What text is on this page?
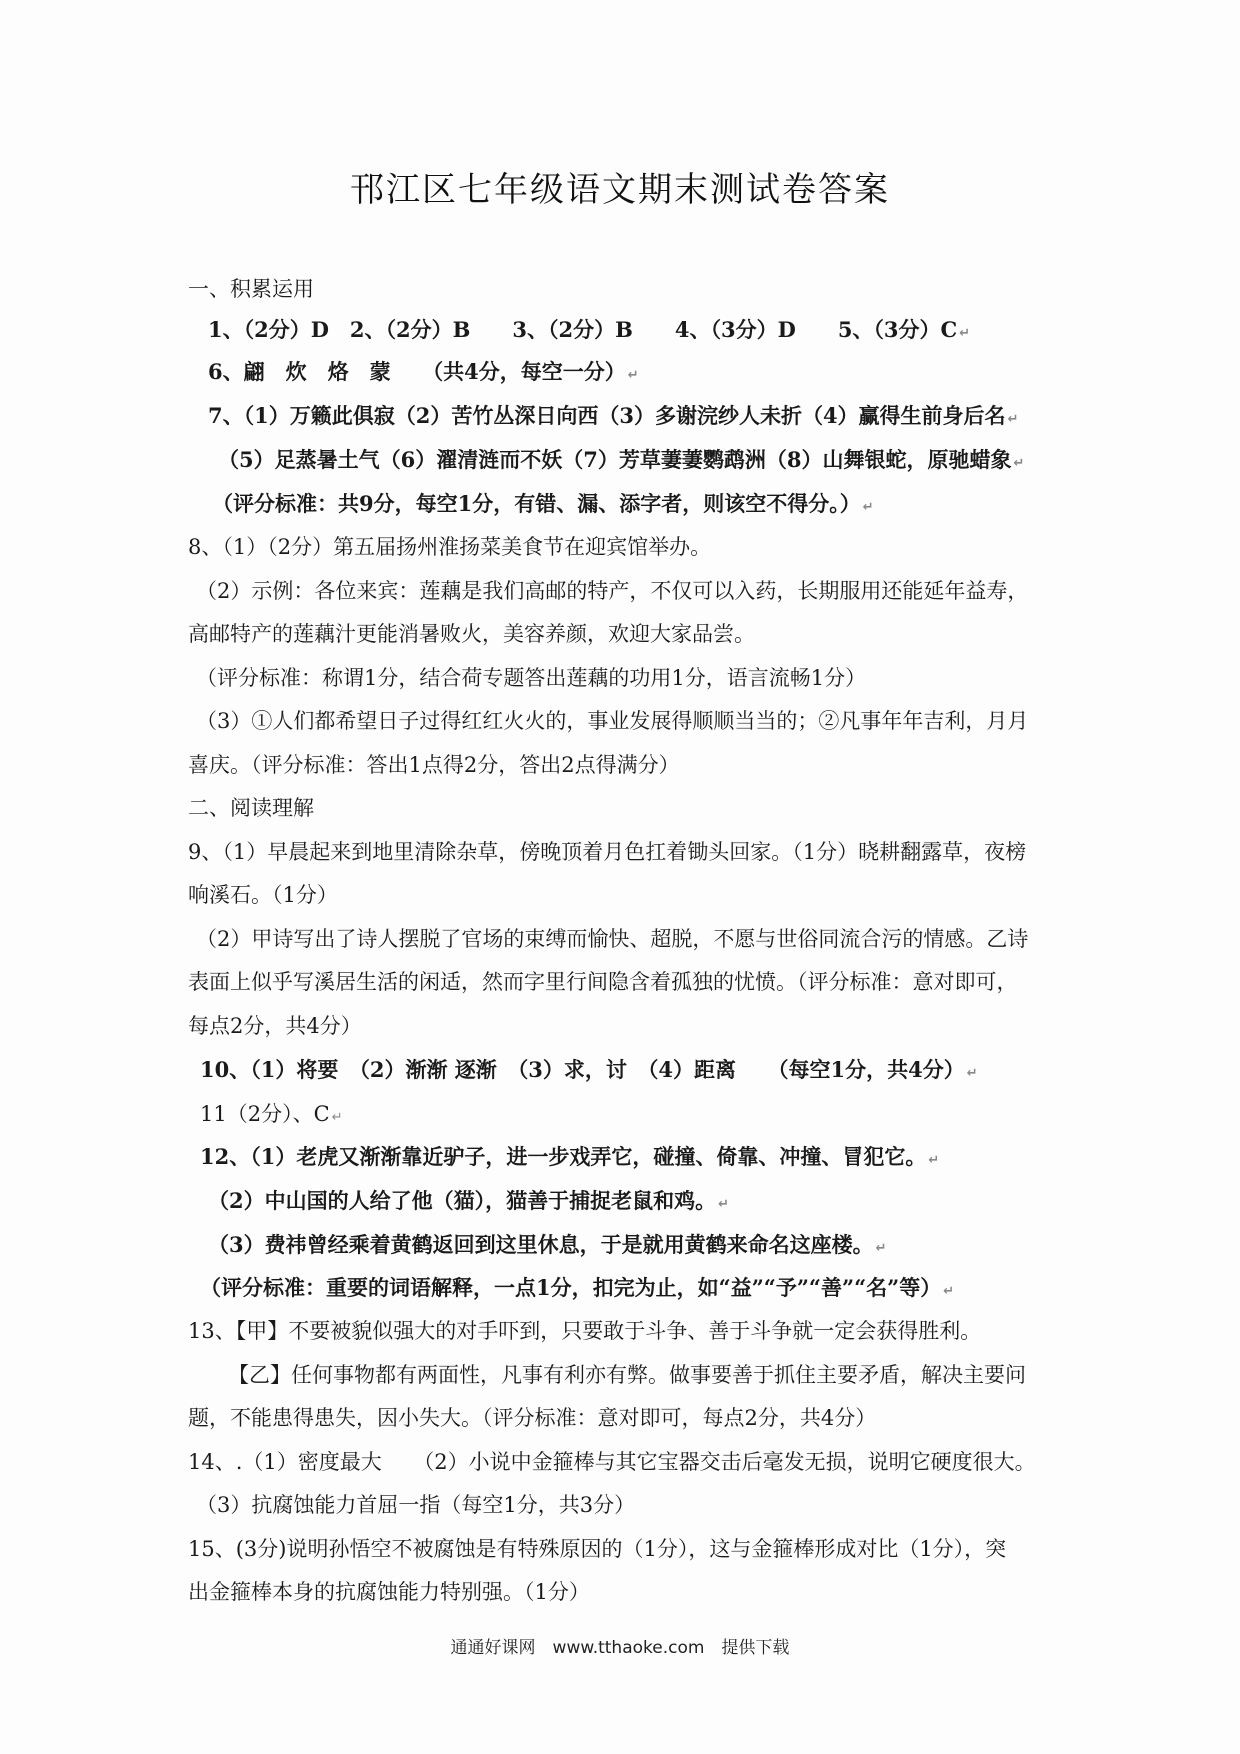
邗江区七年级语文期末测试卷答案
一、积累运用
1、（2分）D　2、（2分）B　　3、（2分）B　　4、（3分）D　　5、（3分）C ↵
6、翩　炊　烙　蒙　　（共4分，每空一分） ↵
7、（1）万籁此俱寂（2）苦竹丛深日向西（3）多谢浣纱人未折（4）赢得生前身后名 ↵
（5）足蒸暑土气（6）濯清涟而不妖（7）芳草萋萋鹦鹉洲（8）山舞银蛇，原驰蜡象 ↵
（评分标准：共9分，每空1分，有错、漏、添字者，则该空不得分。） ↵
8、（1）（2分）第五届扬州淮扬菜美食节在迎宾馆举办。
（2）示例：各位来宾：莲藕是我们高邮的特产，不仅可以入药，长期服用还能延年益寿，
高邮特产的莲藕汁更能消暑败火，美容养颜，欢迎大家品尝。
（评分标准：称谓1分，结合荷专题答出莲藕的功用1分，语言流畅1分）
（3）①人们都希望日子过得红红火火的，事业发展得顺顺当当的；②凡事年年吉利，月月
喜庆。（评分标准：答出1点得2分，答出2点得满分）
二、阅读理解
9、（1）早晨起来到地里清除杂草，傍晚顶着月色扛着锄头回家。（1分）晓耕翻露草，夜榜
响溪石。（1分）
（2）甲诗写出了诗人摆脱了官场的束缚而愉快、超脱，不愿与世俗同流合污的情感。乙诗
表面上似乎写溪居生活的闲适，然而字里行间隐含着孤独的忧愤。（评分标准：意对即可，
每点2分，共4分）
10、（1）将要　（2）渐渐 逐渐　（3）求，讨　（4）距离　　（每空1分，共4分） ↵
11（2分）、C ↵
12、（1）老虎又渐渐靠近驴子，进一步戏弄它，碰撞、倚靠、冲撞、冒犯它。 ↵
（2）中山国的人给了他（猫），猫善于捕捉老鼠和鸡。 ↵
（3）费祎曾经乘着黄鹤返回到这里休息，于是就用黄鹤来命名这座楼。 ↵
（评分标准：重要的词语解释，一点1分，扣完为止，如“益”“予”“善”“名”等） ↵
13、【甲】不要被貌似强大的对手吓到，只要敢于斗争、善于斗争就一定会获得胜利。
【乙】任何事物都有两面性，凡事有利亦有弊。做事要善于抓住主要矛盾，解决主要问
题，不能患得患失，因小失大。（评分标准：意对即可，每点2分，共4分）
14、.（1）密度最大　　（2）小说中金箍棒与其它宝器交击后毫发无损，说明它硬度很大。
（3）抗腐蚀能力首屈一指（每空1分，共3分）
15、(3分)说明孙悟空不被腐蚀是有特殊原因的（1分），这与金箍棒形成对比（1分），突
出金箍棒本身的抗腐蚀能力特别强。（1分）
通通好课网　www.tthaoke.com　提供下载
